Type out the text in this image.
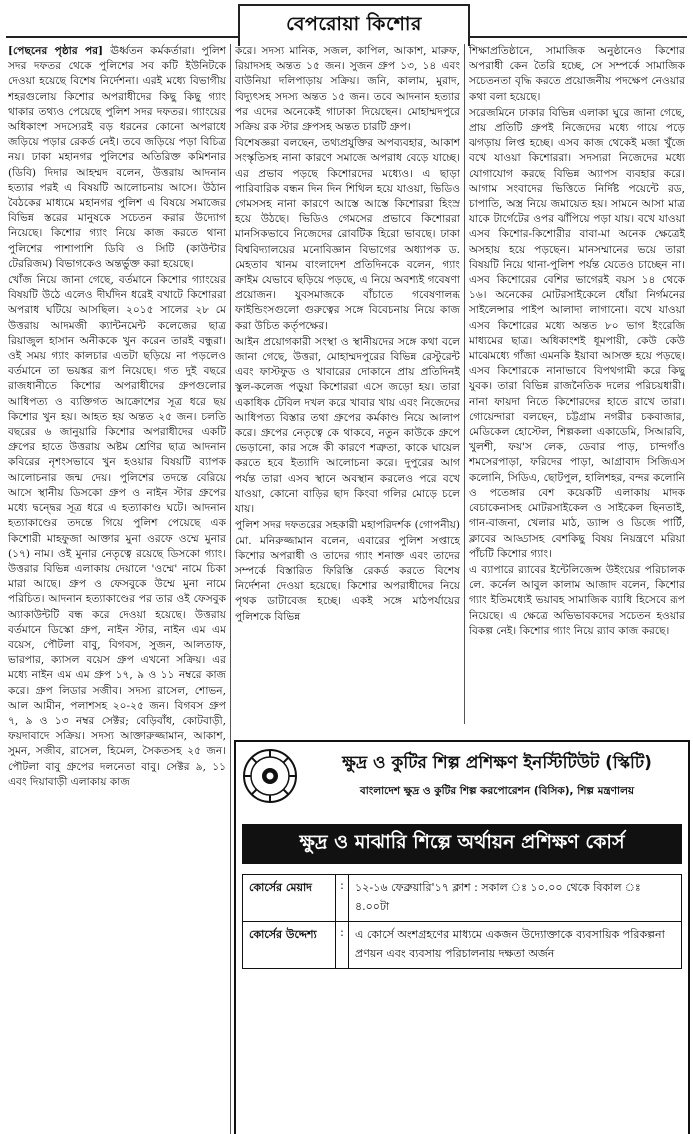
বেপরোয়া কিশোর

[পেছনের পৃষ্ঠার পর] ঊর্ধ্বতন কর্মকর্তারা। পুলিশ সদর দফতর থেকে পুলিশের সব কটি ইউনিটকে দেওয়া হয়েছে বিশেষ নির্দেশনা। এরই মধ্যে বিভাগীয় শহরগুলোয় কিশোর অপরাধীদের কিছু কিছু গ্যাং থাকার তথ্যও পেয়েছে পুলিশ সদর দফতর। গ্যাংয়ের অধিকাংশ সদস্যেরই বড় ধরনের কোনো অপরাধে জড়িয়ে পড়ার রেকর্ড নেই। তবে জড়িয়ে পড়া বিচিত্র নয়। ঢাকা মহানগর পুলিশের অতিরিক্ত কমিশনার (ডিবি) দিদার আহম্মদ বলেন, উত্তরায় আদনান হত্যার পরই এ বিষয়টি আলোচনায় আসে। উঠান বৈঠকের মাধ্যমে মহানগর পুলিশ এ বিষয়ে সমাজের বিভিন্ন স্তরের মানুষকে সচেতন করার উদ্যোগ নিয়েছে। কিশোর গ্যাং নিয়ে কাজ করতে থানা পুলিশের পাশাপাশি ডিবি ও সিটি (কাউন্টার টেররিজম) বিভাগকেও অন্তর্ভুক্ত করা হয়েছে।

খোঁজ নিয়ে জানা গেছে, বর্তমানে কিশোর গ্যাংয়ের বিষয়টি উঠে এলেও দীর্ঘদিন ধরেই বখাটে কিশোররা অপরাধ ঘটিয়ে আসছিল। ২০১৫ সালের ২৮ মে উত্তরায় আদমজী ক্যান্টনমেন্ট কলেজের ছাত্র রিয়াজুল হাসান অনীককে খুন করেন তারই বন্ধুরা। ওই সময় গ্যাং কালচার এতটা ছড়িয়ে না পড়লেও বর্তমানে তা ভয়ঙ্কর রূপ নিয়েছে। গত দুই বছরে রাজধানীতে কিশোর অপরাধীদের গ্রুপগুলোর আধিপত্য ও ব্যক্তিগত আক্রোশের সূত্র ধরে ছয় কিশোর খুন হয়। আহত হয় অন্তত ২৫ জন। চলতি বছরের ৬ জানুয়ারি কিশোর অপরাধীদের একটি গ্রুপের হাতে উত্তরায় অষ্টম শ্রেণির ছাত্র আদনান কবিরের নৃশংসভাবে খুন হওয়ার বিষয়টি ব্যাপক আলোচনার জন্ম দেয়। পুলিশের তদন্তে বেরিয়ে আসে স্থানীয় ডিসকো গ্রুপ ও নাইন স্টার গ্রুপের মধ্যে দ্বন্দ্বের সূত্র ধরে এ হত্যাকাণ্ড ঘটে। আদনান হত্যাকাণ্ডের তদন্তে গিয়ে পুলিশ পেয়েছে এক কিশোরী মাহফুজা আক্তার মুনা ওরফে ওম্মে মুনার (১৭) নাম। ওই মুনার নেতৃত্বে রয়েছে ডিসকো গ্যাং। উত্তরার বিভিন্ন এলাকায় দেয়ালে 'ওম্মে' নামে চিকা মারা আছে। গ্রুপ ও ফেসবুকে উম্মে মুনা নামে পরিচিত। আদনান হত্যাকাণ্ডের পর তার ওই ফেসবুক অ্যাকাউন্টটি বন্ধ করে দেওয়া হয়েছে। উত্তরায় বর্তমানে ডিস্কো গ্রুপ, নাইন স্টার, নাইন এম এম বয়েস, পৌটলা বাবু, বিগবস, সুজন, আলতাফ, ভারপার, ক্যাসল বয়েস গ্রুপ এখনো সক্রিয়। এর মধ্যে নাইন এম এম গ্রুপ ১৭, ৯ ও ১১ নম্বরে কাজ করে। গ্রুপ লিডার সজীব। সদস্য রাসেল, শোভন, আল আমীন, পলাশসহ ২০-২৫ জন। বিগবস গ্রুপ ৭, ৯ ও ১৩ নম্বর সেক্টর; বেড়িবাঁধ, কোটবাড়ী, ফয়দাবাদে সক্রিয়। সদস্য আক্তারুজ্জামান, আকাশ, সুমন, সজীব, রাসেল, হিমেল, সৈকতসহ ২৫ জন। পৌটলা বাবু গ্রুপের দলনেতা বাবু। সেক্টর ৯, ১১ এবং দিয়াবাড়ী এলাকায় কাজ

করে। সদস্য মানিক, সজল, কাপিল, আকাশ, মারুফ, রিয়াদসহ অন্তত ১৫ জন। সুজন গ্রুপ ১৩, ১৪ এবং বাউনিয়া দলিপাড়ায় সক্রিয়। জনি, কালাম, মুরাদ, বিদ্যুৎসহ সদস্য অন্তত ১৫ জন। তবে আদনান হত্যার পর এদের অনেকেই গাঢাকা দিয়েছেন। মোহাম্মদপুরে সক্রিয় রক স্টার গ্রুপসহ অন্তত চারটি গ্রুপ।

বিশেষজ্ঞরা বলছেন, তথ্যপ্রযুক্তির অপব্যবহার, আকাশ সংস্কৃতিসহ নানা কারণে সমাজে অপরাধ বেড়ে যাচ্ছে। এর প্রভাব পড়ছে কিশোরদের মধ্যেও। এ ছাড়া পারিবারিক বন্ধন দিন দিন শিথিল হয়ে যাওয়া, ভিডিও গেমসসহ নানা কারণে আস্তে আস্তে কিশোররা হিংস্র হয়ে উঠছে। ভিডিও গেমসের প্রভাবে কিশোররা মানসিকভাবে নিজেদের রোবটিক হিরো ভাবছে। ঢাকা বিশ্ববিদ্যালয়ের মনোবিজ্ঞান বিভাগের অধ্যাপক ড. মেহতাব খানম বাংলাদেশ প্রতিদিনকে বলেন, গ্যাং ক্রাইম যেভাবে ছড়িয়ে পড়ছে, এ নিয়ে অবশ্যই গবেষণা প্রয়োজন। যুবসমাজকে বাঁচাতে গবেষণালব্ধ ফাইন্ডিংসগুলো গুরুত্বের সঙ্গে বিবেচনায় নিয়ে কাজ করা উচিত কর্তৃপক্ষের।

আইন প্রয়োগকারী সংস্থা ও স্থানীয়দের সঙ্গে কথা বলে জানা গেছে, উত্তরা, মোহাম্মদপুরের বিভিন্ন রেস্টুরেন্ট এবং ফাস্টফুড ও খাবারের দোকানে প্রায় প্রতিদিনই স্কুল-কলেজ পড়ুয়া কিশোররা এসে জড়ো হয়। তারা একাধিক টেবিল দখল করে খাবার খায় এবং নিজেদের আধিপত্য বিস্তার তথা গ্রুপের কর্মকাণ্ড নিয়ে আলাপ করে। গ্রুপের নেতৃত্বে কে থাকবে, নতুন কাউকে গ্রুপে ভেড়ানো, কার সঙ্গে কী কারণে শত্রুতা, কাকে ঘায়েল করতে হবে ইত্যাদি আলোচনা করে। দুপুরের আগ পর্যন্ত তারা এসব স্থানে অবস্থান করলেও পরে বখে যাওয়া, কোনো বাড়ির ছাদ কিংবা গলির মোড়ে চলে যায়।

পুলিশ সদর দফতরের সহকারী মহাপরিদর্শক (গোপনীয়) মো. মনিরুজ্জামান বলেন, এবারের পুলিশ সপ্তাহে কিশোর অপরাধী ও তাদের গ্যাং শনাক্ত এবং তাদের সম্পর্কে বিস্তারিত ফিরিস্তি রেকর্ড করতে বিশেষ নির্দেশনা দেওয়া হয়েছে। কিশোর অপরাধীদের নিয়ে পৃথক ডাটাবেজ হচ্ছে। একই সঙ্গে মাঠপর্যায়ের পুলিশকে বিভিন্ন

শিক্ষাপ্রতিষ্ঠানে, সামাজিক অনুষ্ঠানেও কিশোর অপরাধী কেন তৈরি হচ্ছে, সে সম্পর্কে সামাজিক সচেতনতা বৃদ্ধি করতে প্রয়োজনীয় পদক্ষেপ নেওয়ার কথা বলা হয়েছে।

সরেজমিনে ঢাকার বিভিন্ন এলাকা ঘুরে জানা গেছে, প্রায় প্রতিটি গ্রুপই নিজেদের মধ্যে গায়ে পড়ে ঝগড়ায় লিপ্ত হচ্ছে। এসব কাজ থেকেই মজা খুঁজে বখে যাওয়া কিশোররা। সদস্যরা নিজেদের মধ্যে যোগাযোগ করছে বিভিন্ন অ্যাপস ব্যবহার করে। আগাম সংবাদের ভিত্তিতে নির্দিষ্ট পয়েন্টে রড, চাপাতি, অস্ত্র নিয়ে জমায়েত হয়। সামনে আসা মাত্র যাকে টার্গেটের ওপর ঝাঁপিয়ে পড়া যায়। বখে যাওয়া এসব কিশোর-কিশোরীর বাবা-মা অনেক ক্ষেত্রেই অসহায় হয়ে পড়ছেন। মানসম্মানের ভয়ে তারা বিষয়টি নিয়ে থানা-পুলিশ পর্যন্ত যেতেও চাচ্ছেন না। এসব কিশোরের বেশির ভাগেরই বয়স ১৪ থেকে ১৬। অনেকের মোটরসাইকেলে ধোঁয়া নির্গমনের সাইলেন্সার পাইপ আলাদা লাগানো। বখে যাওয়া এসব কিশোরের মধ্যে অন্তত ৮০ ভাগ ইংরেজি মাধ্যমের ছাত্র। অধিকাংশই ধূমপায়ী, কেউ কেউ মাঝেমধ্যে গাঁজা এমনকি ইয়াবা আসক্ত হয়ে পড়ছে। এসব কিশোরকে নানাভাবে বিপথগামী করে কিছু যুবক। তারা বিভিন্ন রাজনৈতিক দলের পরিচয়ধারী। নানা ফায়দা নিতে কিশোরদের হাতে রাখে তারা। গোয়েন্দারা বলছেন, চট্টগ্রাম নগরীর চকবাজার, মেডিকেল হোস্টেল, শিল্পকলা একাডেমি, সিআরবি, খুলশী, ফয়'স লেক, ডেবার পাড়, চান্দগাঁও শমসেরপাড়া, ফরিদের পাড়া, আগ্রাবাদ সিজিএস কলোনি, সিডিএ, ছোটপুল, হালিশহর, বন্দর কলোনি ও পতেঙ্গার বেশ কয়েকটি এলাকায় মাদক বেচাকেনাসহ মোটরসাইকেল ও সাইকেল ছিনতাই, গান-বাজনা, খেলার মাঠ, ড্যান্স ও ডিজে পার্টি, ক্লাবের আড্ডাসহ বেশকিছু বিষয় নিয়ন্ত্রণে মরিয়া পাঁচটি কিশোর গ্যাং।

এ ব্যাপারে র‌্যাবের ইন্টেলিজেন্স উইংয়ের পরিচালক লে. কর্নেল আবুল কালাম আজাদ বলেন, কিশোর গ্যাং ইতিমধ্যেই ভয়াবহ সামাজিক ব্যাধি হিসেবে রূপ নিয়েছে। এ ক্ষেত্রে অভিভাবকদের সচেতন হওয়ার বিকল্প নেই। কিশোর গ্যাং নিয়ে র‌্যাব কাজ করছে।

ক্ষুদ্র ও কুটির শিল্প প্রশিক্ষণ ইনস্টিটিউট (স্কিটি)
বাংলাদেশ ক্ষুদ্র ও কুটির শিল্প করপোরেশন (বিসিক), শিল্প মন্ত্রণালয়
ক্ষুদ্র ও মাঝারি শিল্পে অর্থায়ন প্রশিক্ষণ কোর্স
কোর্সের মেয়াদ	:	১২-১৬ ফেব্রুয়ারি'১৭ ক্লাশ : সকাল ঃ ১০.০০ থেকে বিকাল ঃ ৪.০০টা
কোর্সের উদ্দেশ্য	:	এ কোর্সে অংশগ্রহণের মাধ্যমে একজন উদ্যোক্তাকে ব্যবসায়িক পরিকল্পনা প্রণয়ন এবং ব্যবসায় পরিচালনায় দক্ষতা অর্জন
